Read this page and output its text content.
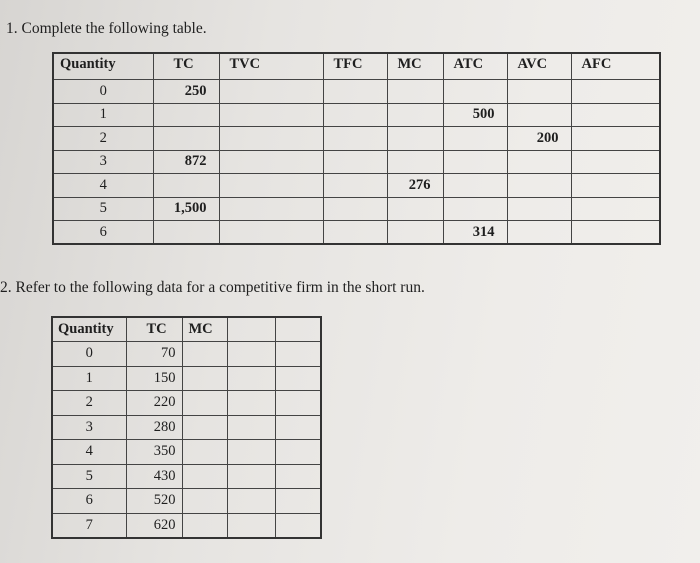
1. Complete the following table.
Quantity	TC	TVC	TFC	MC	ATC	AVC	AFC
0	250						
1					500		
2						200	
3	872						
4				276			
5	1,500						
6					314		
2. Refer to the following data for a competitive firm in the short run.
Quantity	TC	MC		
0	70			
1	150			
2	220			
3	280			
4	350			
5	430			
6	520			
7	620			
